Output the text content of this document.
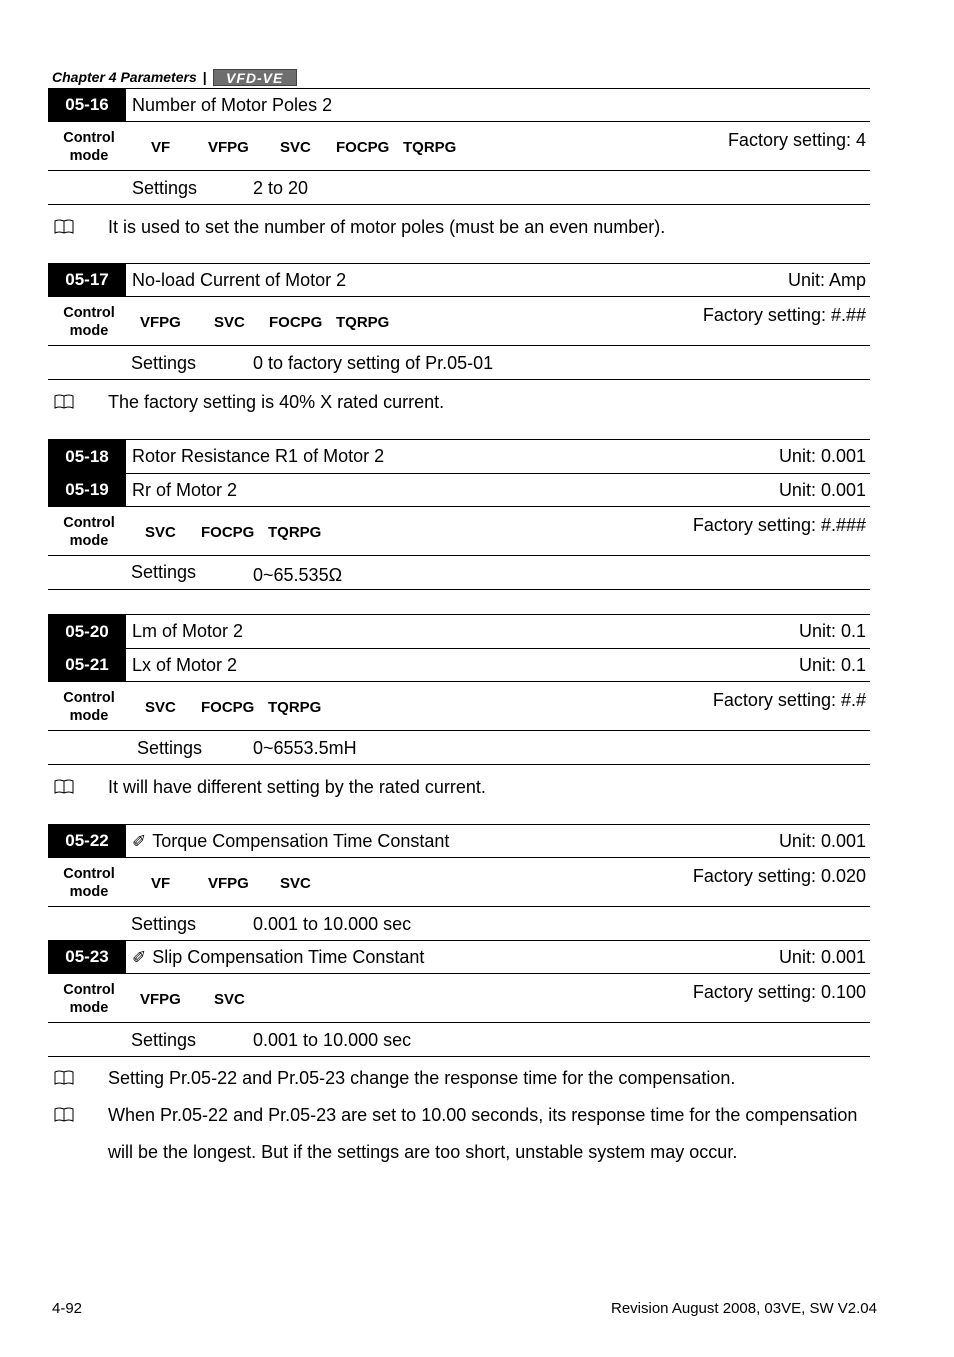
Chapter 4 Parameters |	VFD-VE
05-16	Number of Motor Poles 2
Control mode	VF	VFPG SVC FOCPG TQRPG	Factory setting: 4
Settings	2 to 20
It is used to set the number of motor poles (must be an even number).
05-17	No-load Current of Motor 2	Unit: Amp
Control mode	VFPG SVC FOCPG TQRPG	Factory setting: #.##
Settings	0 to factory setting of Pr.05-01
The factory setting is 40% X rated current.
05-18	Rotor Resistance R1 of Motor 2	Unit: 0.001
05-19	Rr of Motor 2	Unit: 0.001
Control mode	SVC FOCPG TQRPG	Factory setting: #.###
Settings	0~65.535Ω
05-20	Lm of Motor 2	Unit: 0.1
05-21	Lx of Motor 2	Unit: 0.1
Control mode	SVC FOCPG TQRPG	Factory setting: #.#
Settings	0~6553.5mH
It will have different setting by the rated current.
05-22	✐ Torque Compensation Time Constant	Unit: 0.001
Control mode	VF	VFPG SVC	Factory setting: 0.020
Settings	0.001 to 10.000 sec
05-23	✐ Slip Compensation Time Constant	Unit: 0.001
Control mode	VFPG SVC	Factory setting: 0.100
Settings	0.001 to 10.000 sec
Setting Pr.05-22 and Pr.05-23 change the response time for the compensation.
When Pr.05-22 and Pr.05-23 are set to 10.00 seconds, its response time for the compensation
will be the longest. But if the settings are too short, unstable system may occur.
4-92	Revision August 2008, 03VE, SW V2.04
